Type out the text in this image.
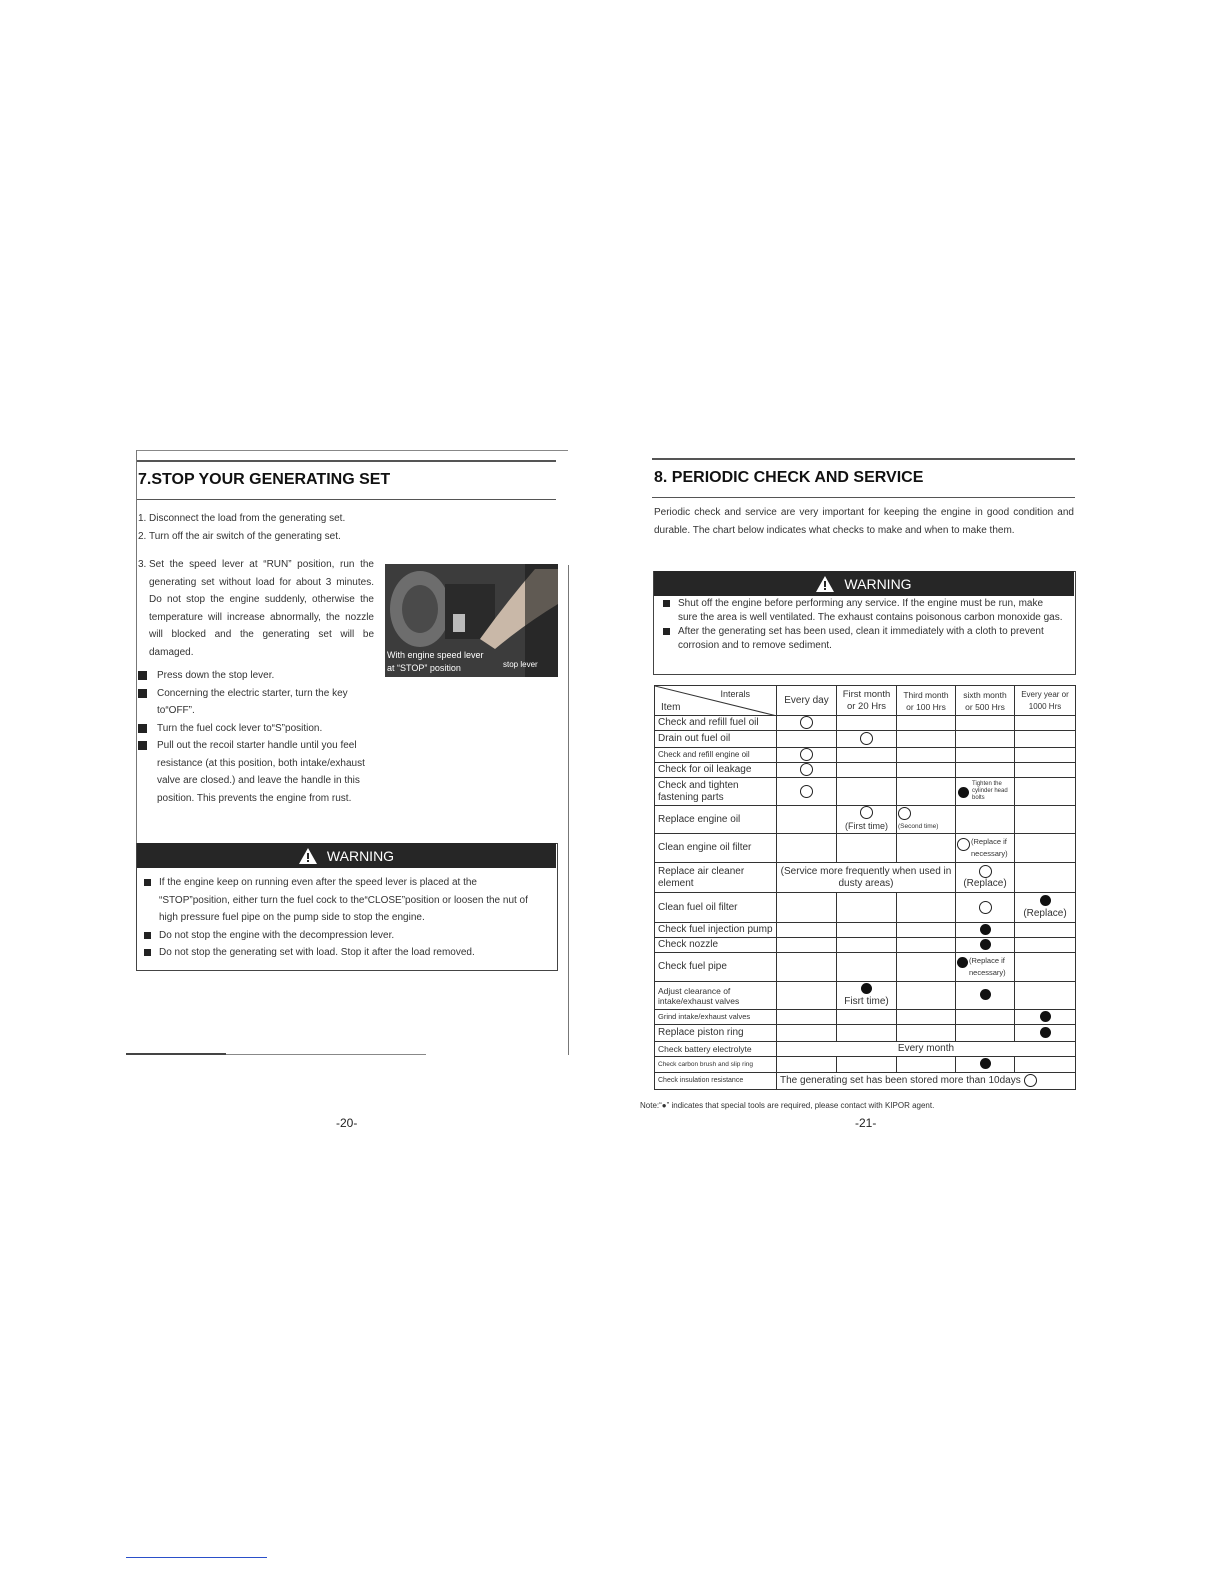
7.STOP YOUR GENERATING SET
1. Disconnect the load from the generating set.
2. Turn off the air switch of the generating set.
3. Set the speed lever at “RUN” position, run the generating set without load for about 3 minutes. Do not stop the engine suddenly, otherwise the temperature will increase abnormally, the nozzle will blocked and the generating set will be damaged.	With engine speed lever
at “STOP” position	stop lever
Press down the stop lever.
Concerning the electric starter, turn the key to“OFF”.
Turn the fuel cock lever to“S”position.
Pull out the recoil starter handle until you feel resistance (at this position, both intake/exhaust valve are closed.) and leave the handle in this position. This prevents the engine from rust.
WARNING
If the engine keep on running even after the speed lever is placed at the “STOP”position, either turn the fuel cock to the“CLOSE”position or loosen the nut of high pressure fuel pipe on the pump side to stop the engine.
Do not stop the engine with the decompression lever.
Do not stop the generating set with load. Stop it after the load removed.
-20-
8. PERIODIC CHECK AND SERVICE
Periodic check and service are very important for keeping the engine in good condition and durable. The chart below indicates what checks to make and when to make them.
WARNING
Shut off the engine before performing any service. If the engine must be run, make sure the area is well ventilated. The exhaust contains poisonous carbon monoxide gas.
After the generating set has been used, clean it immediately with a cloth to prevent corrosion and to remove sediment.
Interals
Item	Every day	First month or 20 Hrs	Third month or 100 Hrs	sixth month or 500 Hrs	Every year or 1000 Hrs
Check and refill fuel oil					
Drain out fuel oil					
Check and refill engine oil					
Check for oil leakage					
Check and tighten fastening parts				Tighten the cylinder head bolts	

Replace engine oil		(First time)	(Second time)		
Clean engine oil filter				(Replace if necessary)	
Replace air cleaner element	(Service more frequently when used in dusty areas)			(Replace)	
Clean fuel oil filter					(Replace)
Check fuel injection pump					
Check nozzle					
Check fuel pipe				(Replace if necessary)	
Adjust clearance of intake/exhaust valves		Fisrt time)			
Grind intake/exhaust valves					
Replace piston ring					
Check battery electrolyte	Every month				
Check carbon brush and slip ring					
Check insulation resistance	The generating set has been stored more than 10days				
Note:“●” indicates that special tools are required, please contact with KIPOR agent.
-21-
